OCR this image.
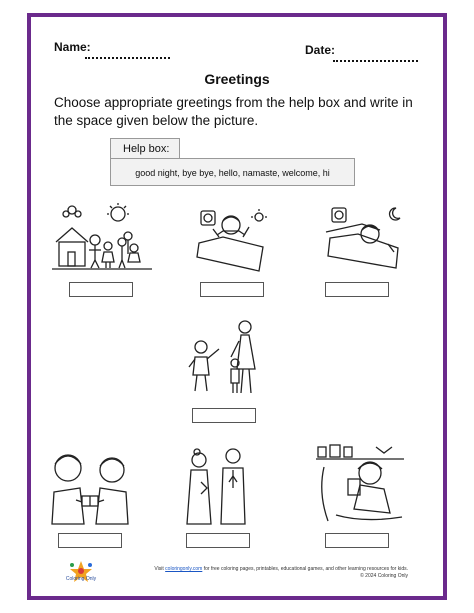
Name:	Date:
Greetings
Choose appropriate greetings from the help box and write in the space given below the picture.
Help box:
good night, bye bye, hello, namaste, welcome, hi
Coloring Only
Visit coloringonly.com for free coloring pages, printables, educational games, and other learning resources for kids.
© 2024 Coloring Only
